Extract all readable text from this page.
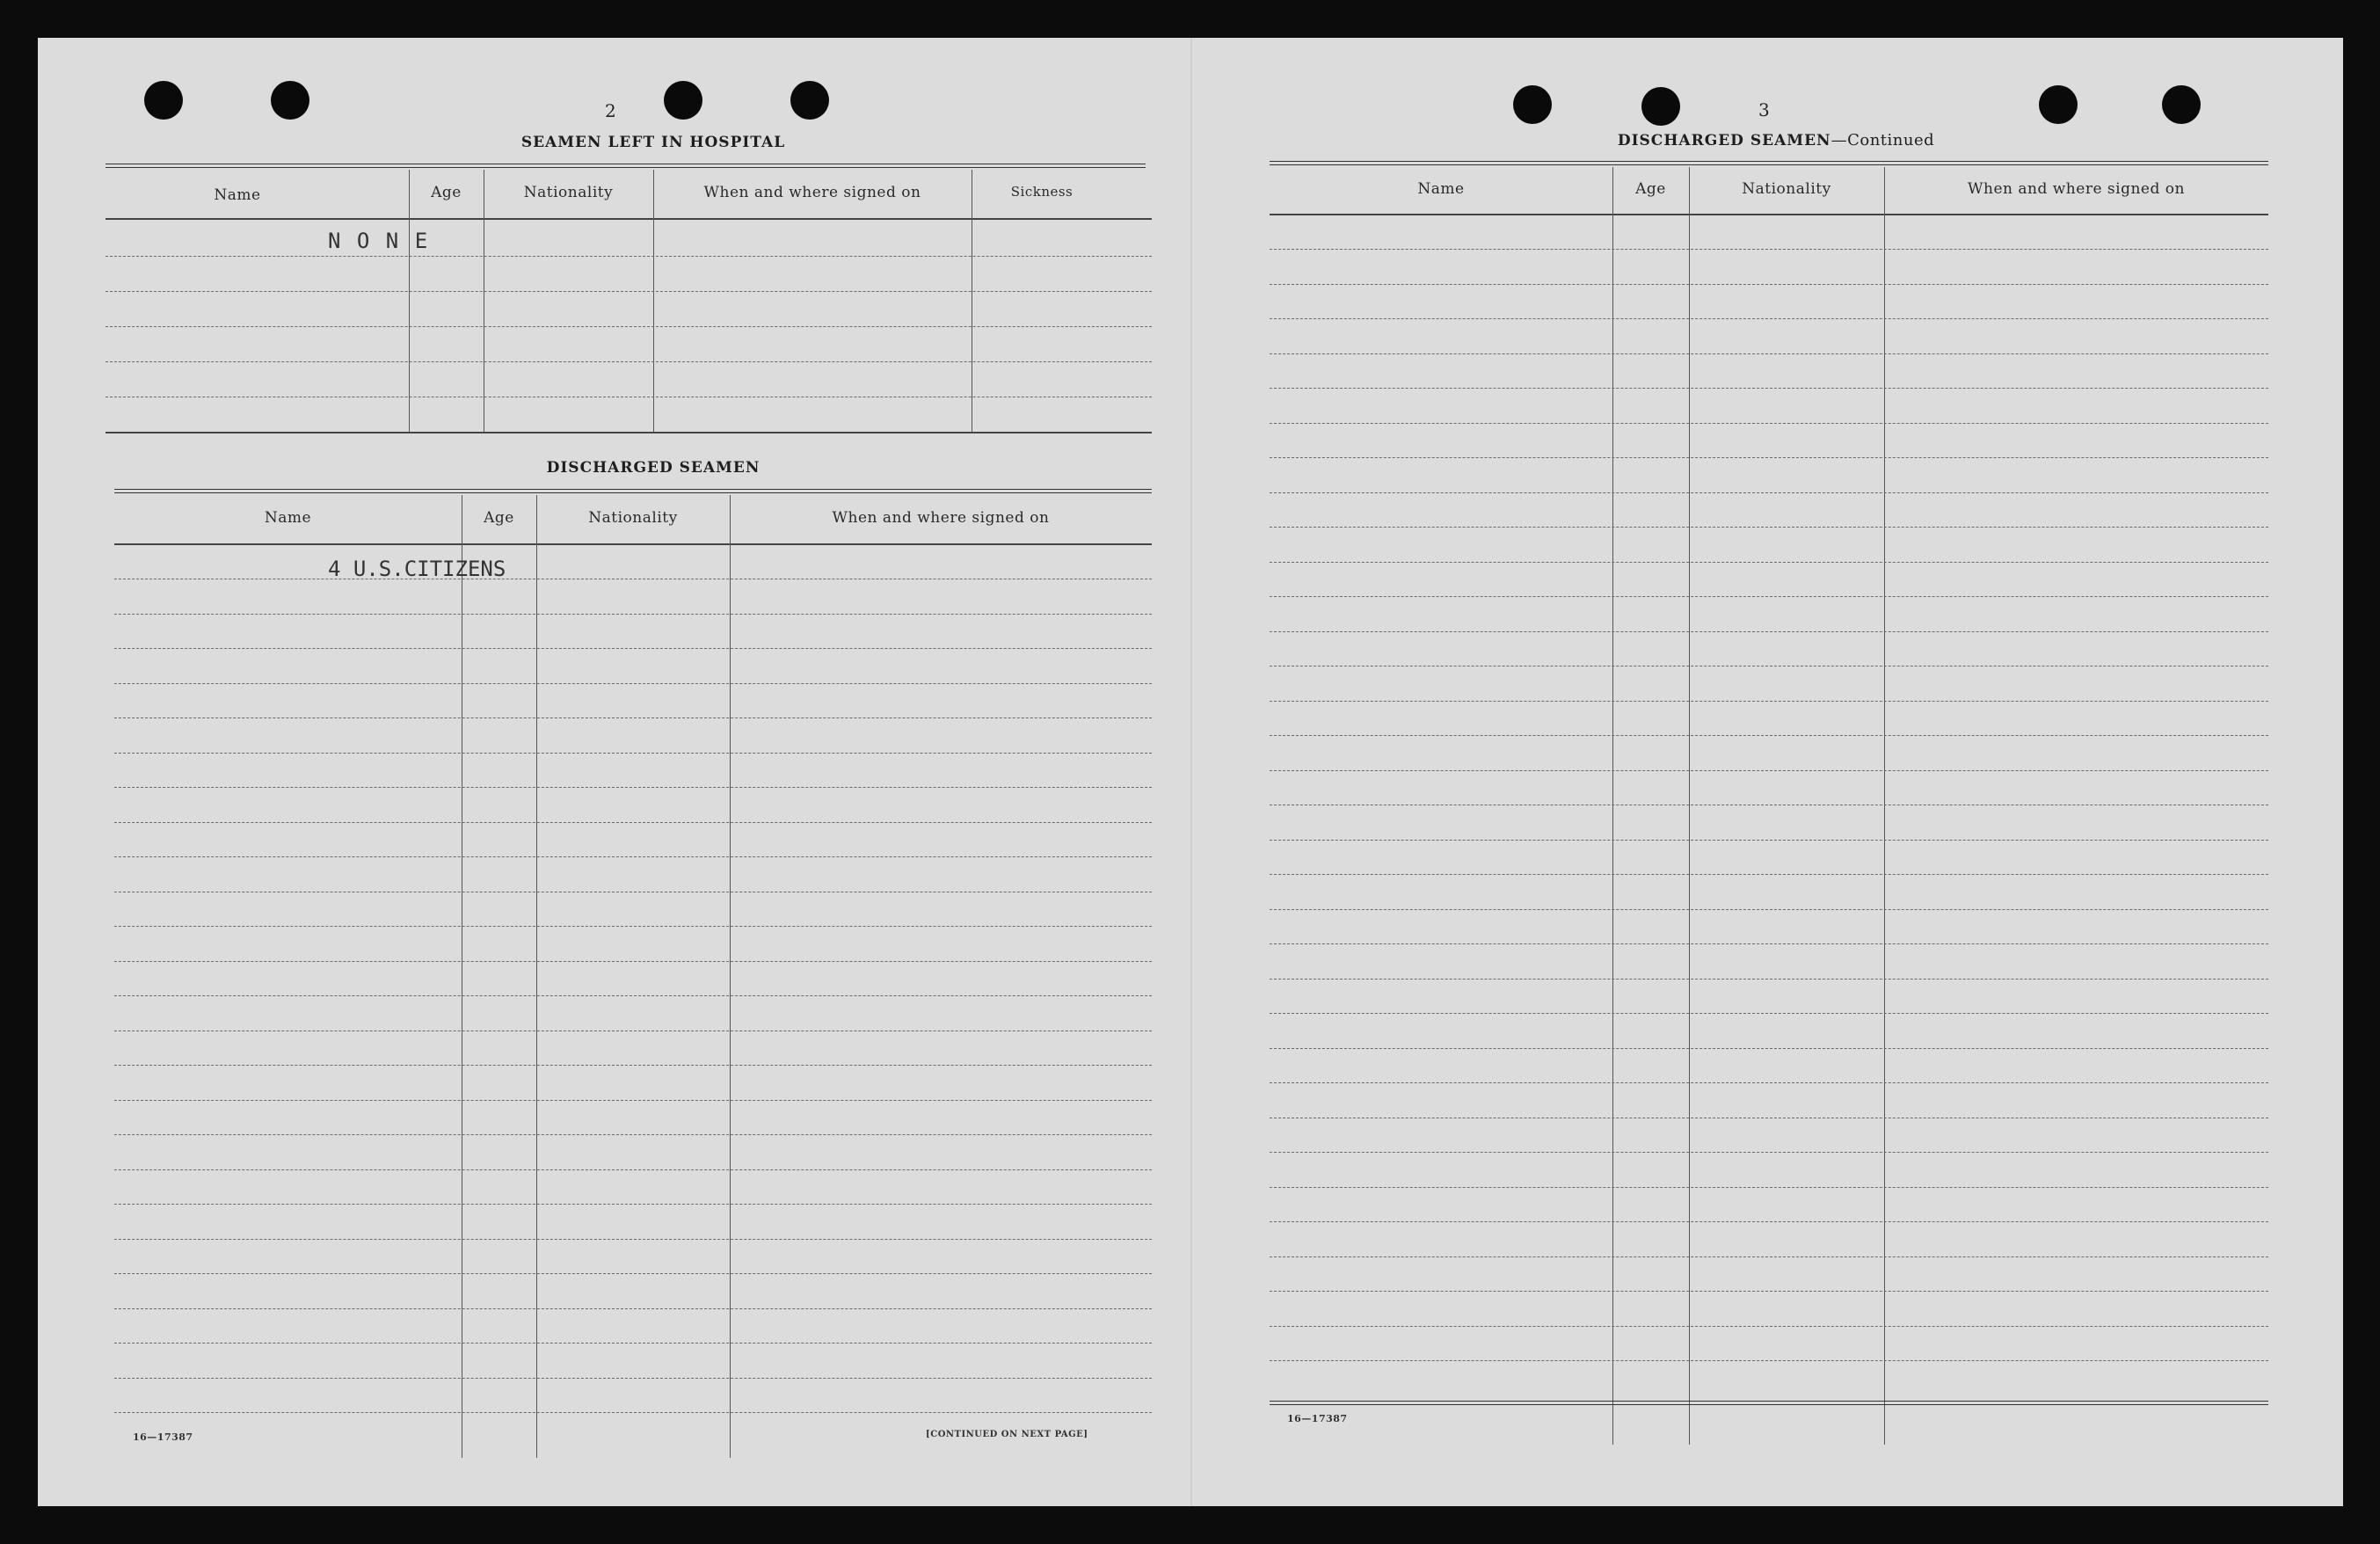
2
SEAMEN LEFT IN HOSPITAL
Name	Age	Nationality	When and where signed on	Sickness
N O N E
DISCHARGED SEAMEN
Name	Age	Nationality	When and where signed on
4 U.S.CITIZENS
16—17387	[CONTINUED ON NEXT PAGE]
3
DISCHARGED SEAMEN—Continued
Name	Age	Nationality	When and where signed on
16—17387
